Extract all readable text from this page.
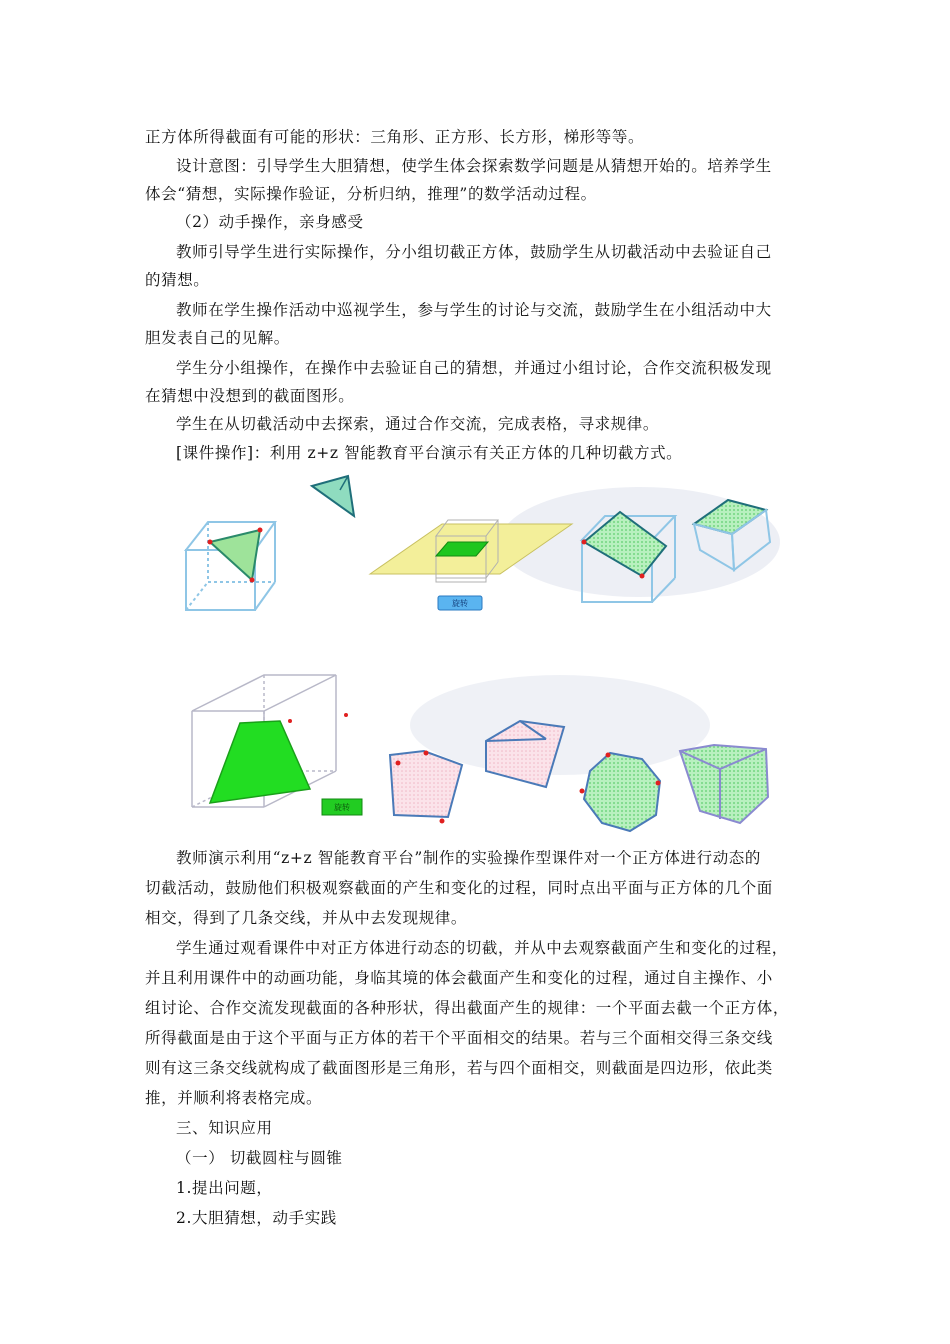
正方体所得截面有可能的形状：三角形、正方形、长方形，梯形等等。
设计意图：引导学生大胆猜想，使学生体会探索数学问题是从猜想开始的。培养学生
体会“猜想，实际操作验证，分析归纳，推理”的数学活动过程。
（2）动手操作，亲身感受
教师引导学生进行实际操作，分小组切截正方体，鼓励学生从切截活动中去验证自己
的猜想。
教师在学生操作活动中巡视学生，参与学生的讨论与交流，鼓励学生在小组活动中大
胆发表自己的见解。
学生分小组操作，在操作中去验证自己的猜想，并通过小组讨论，合作交流积极发现
在猜想中没想到的截面图形。
学生在从切截活动中去探索，通过合作交流，完成表格，寻求规律。
[课件操作]：利用 z+z 智能教育平台演示有关正方体的几种切截方式。
旋转
旋转
教师演示利用“z+z 智能教育平台”制作的实验操作型课件对一个正方体进行动态的
切截活动，鼓励他们积极观察截面的产生和变化的过程，同时点出平面与正方体的几个面
相交，得到了几条交线，并从中去发现规律。
学生通过观看课件中对正方体进行动态的切截，并从中去观察截面产生和变化的过程，
并且利用课件中的动画功能，身临其境的体会截面产生和变化的过程，通过自主操作、小
组讨论、合作交流发现截面的各种形状，得出截面产生的规律：一个平面去截一个正方体，
所得截面是由于这个平面与正方体的若干个平面相交的结果。若与三个面相交得三条交线
则有这三条交线就构成了截面图形是三角形，若与四个面相交，则截面是四边形，依此类
推，并顺利将表格完成。
三、知识应用
（一） 切截圆柱与圆锥
1.提出问题，
2.大胆猜想，动手实践
